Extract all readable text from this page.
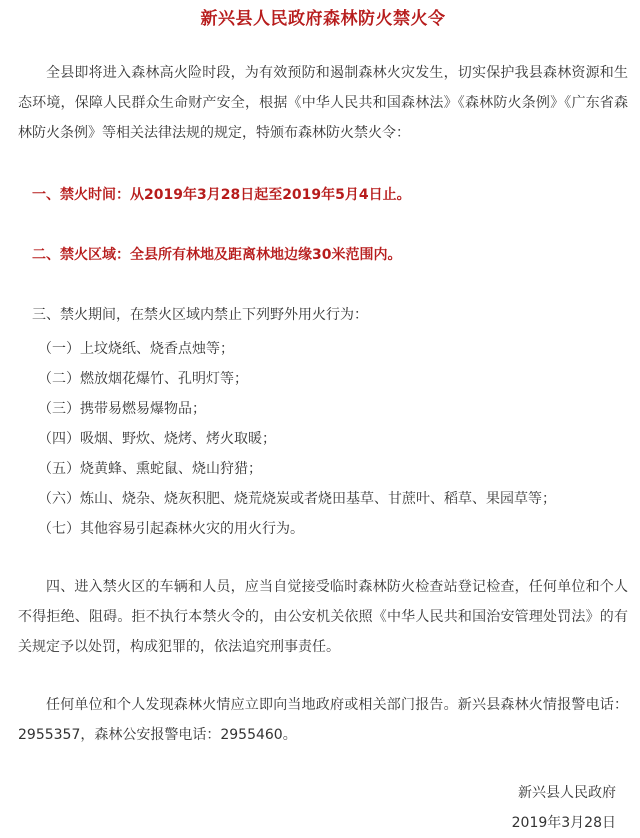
新兴县人民政府森林防火禁火令

全县即将进入森林高火险时段，为有效预防和遏制森林火灾发生，切实保护我县森林资源和生态环境，保障人民群众生命财产安全，根据《中华人民共和国森林法》《森林防火条例》《广东省森林防火条例》等相关法律法规的规定，特颁布森林防火禁火令：

一、禁火时间：从2019年3月28日起至2019年5月4日止。

二、禁火区域：全县所有林地及距离林地边缘30米范围内。

三、禁火期间，在禁火区域内禁止下列野外用火行为：

（一）上坟烧纸、烧香点烛等；

（二）燃放烟花爆竹、孔明灯等；

（三）携带易燃易爆物品；

（四）吸烟、野炊、烧烤、烤火取暖；

（五）烧黄蜂、熏蛇鼠、烧山狩猎；

（六）炼山、烧杂、烧灰积肥、烧荒烧炭或者烧田基草、甘蔗叶、稻草、果园草等；

（七）其他容易引起森林火灾的用火行为。

四、进入禁火区的车辆和人员，应当自觉接受临时森林防火检查站登记检查，任何单位和个人不得拒绝、阻碍。拒不执行本禁火令的，由公安机关依照《中华人民共和国治安管理处罚法》的有关规定予以处罚，构成犯罪的，依法追究刑事责任。

任何单位和个人发现森林火情应立即向当地政府或相关部门报告。新兴县森林火情报警电话：2955357，森林公安报警电话：2955460。

新兴县人民政府

2019年3月28日
